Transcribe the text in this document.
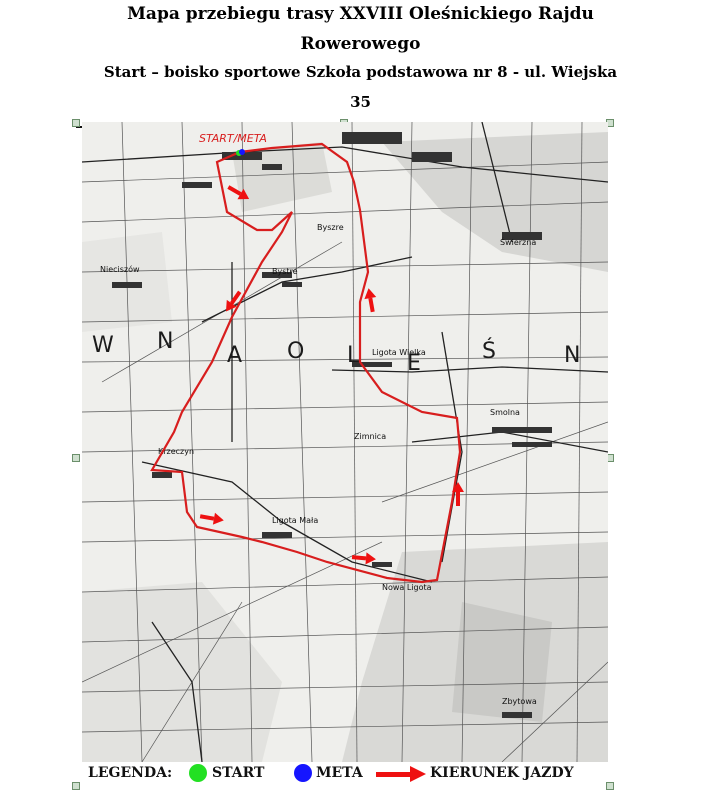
Mapa przebiegu trasy XXVIII Oleśnickiego Rajdu
Rowerowego
Start – boisko sportowe Szkoła podstawowa nr 8 - ul. Wiejska
35
W N
A O L E	Ś	N
Bystre
Byszre
Nieciszów
Świerzna
Ligota Wielka
Smolna
Zimnica
Krzeczyn
Ligota Mała
Nowa Ligota
Zbytowa
START/META
LEGENDA:	START	META	KIERUNEK JAZDY
